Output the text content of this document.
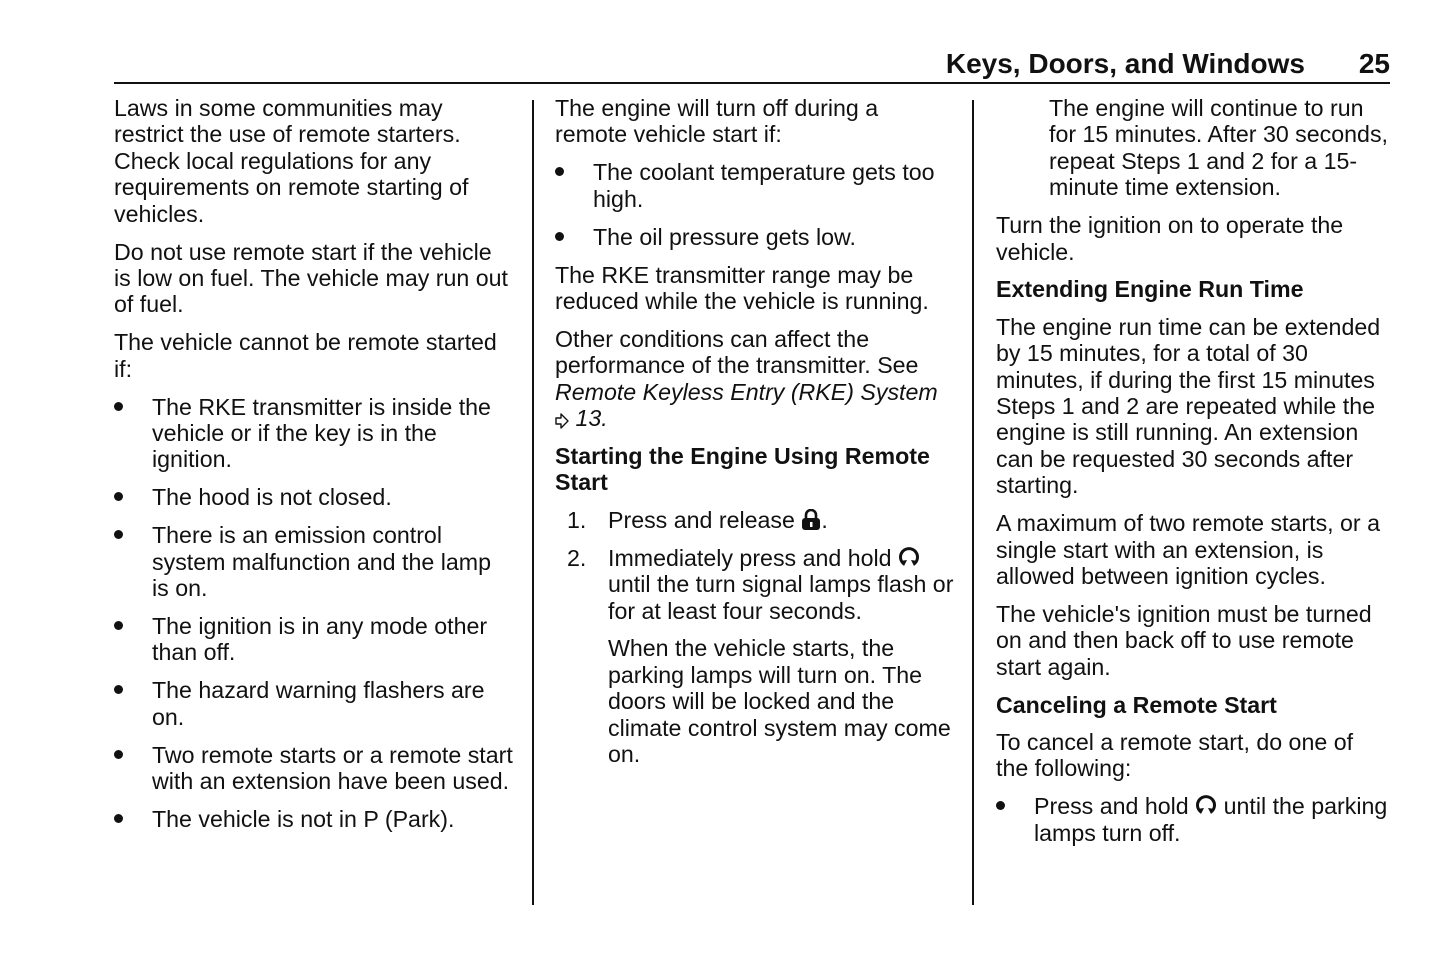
Keys, Doors, and Windows 25

Laws in some communities may restrict the use of remote starters. Check local regulations for any requirements on remote starting of vehicles.

Do not use remote start if the vehicle is low on fuel. The vehicle may run out of fuel.

The vehicle cannot be remote started if:

The RKE transmitter is inside the vehicle or if the key is in the ignition.
The hood is not closed.
There is an emission control system malfunction and the lamp is on.
The ignition is in any mode other than off.
The hazard warning flashers are on.
Two remote starts or a remote start with an extension have been used.
The vehicle is not in P (Park).

The engine will turn off during a remote vehicle start if:

The coolant temperature gets too high.
The oil pressure gets low.

The RKE transmitter range may be reduced while the vehicle is running.

Other conditions can affect the performance of the transmitter. See Remote Keyless Entry (RKE) System  13.

Starting the Engine Using Remote Start

1. Press and release .
2. Immediately press and hold  until the turn signal lamps flash or for at least four seconds.

When the vehicle starts, the parking lamps will turn on. The doors will be locked and the climate control system may come on.

The engine will continue to run for 15 minutes. After 30 seconds, repeat Steps 1 and 2 for a 15-minute time extension.

Turn the ignition on to operate the vehicle.

Extending Engine Run Time

The engine run time can be extended by 15 minutes, for a total of 30 minutes, if during the first 15 minutes Steps 1 and 2 are repeated while the engine is still running. An extension can be requested 30 seconds after starting.

A maximum of two remote starts, or a single start with an extension, is allowed between ignition cycles.

The vehicle's ignition must be turned on and then back off to use remote start again.

Canceling a Remote Start

To cancel a remote start, do one of the following:

Press and hold until the parking lamps turn off.
